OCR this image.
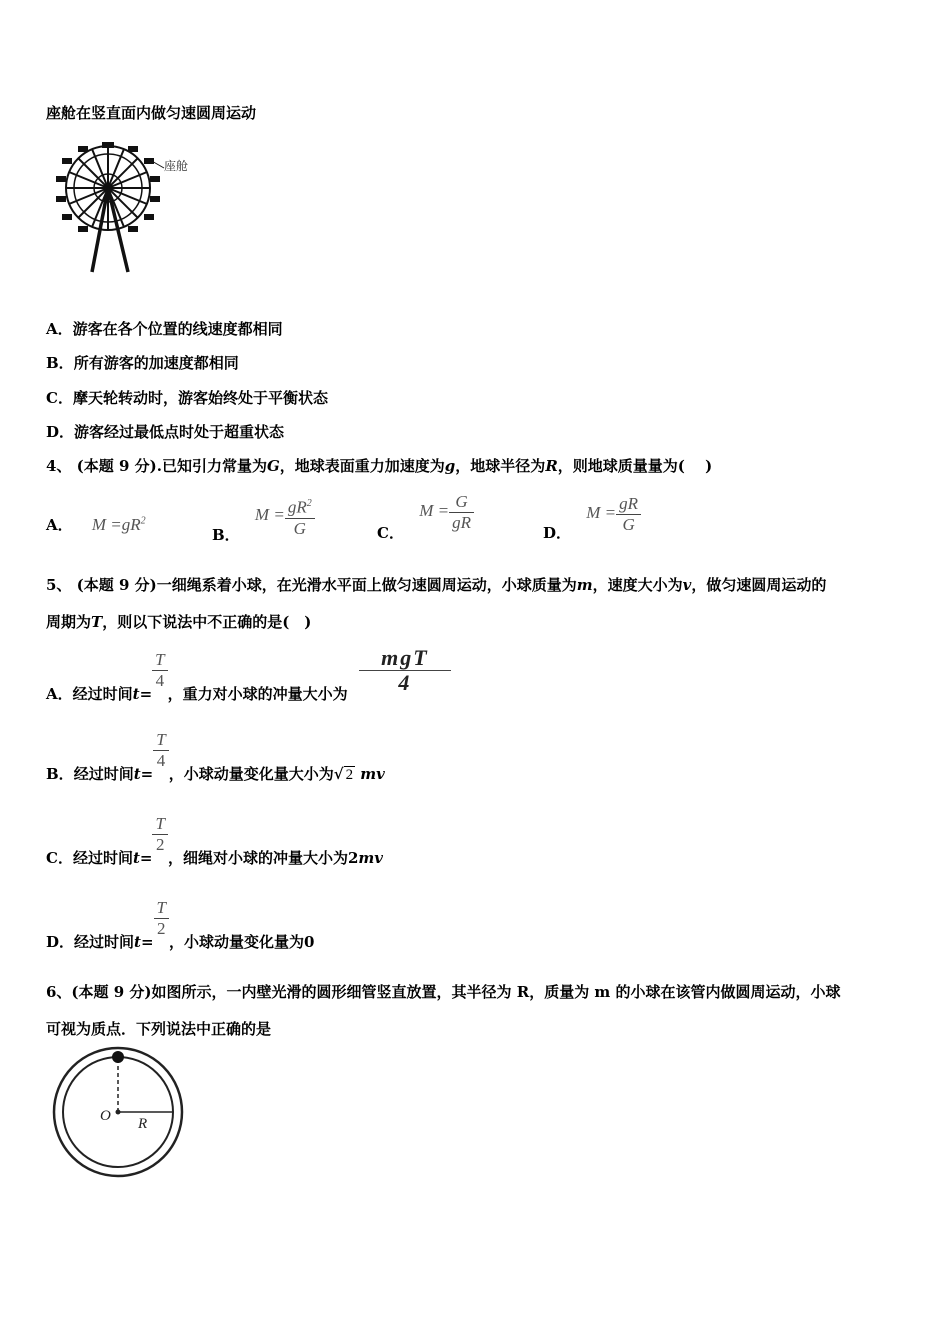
座舱在竖直面内做匀速圆周运动
座舱
A．游客在各个位置的线速度都相同
B．所有游客的加速度都相同
C．摩天轮转动时，游客始终处于平衡状态
D．游客经过最低点时处于超重状态
4、 (本题 9 分).已知引力常量为G，地球表面重力加速度为g，地球半径为R，则地球质量量为(　 )
A． $M =gR^2$
B． $M = \frac{gR^2}{G}$	C． $M = \frac{G}{gR}$
D． $M = \frac{gR}{G}$
5、 (本题 9 分)一细绳系着小球，在光滑水平面上做匀速圆周运动，小球质量为m，速度大小为v，做匀速圆周运动的
周期为T，则以下说法中不正确的是(　)
A．经过时间t=
$\frac{T}{4}$
，重力对小球的冲量大小为 $\frac{\text{mgT}}{4}$
B．经过时间t=
$\frac{T}{4}$
，小球动量变化量大小为√ 2 mv
C．经过时间t=
$\frac{T}{2}$
，细绳对小球的冲量大小为2mv
D．经过时间t=
$\frac{T}{2}$
，小球动量变化量为0
6、(本题 9 分)如图所示，一内壁光滑的圆形细管竖直放置，其半径为 R，质量为 m 的小球在该管内做圆周运动，小球
可视为质点．下列说法中正确的是
O R
